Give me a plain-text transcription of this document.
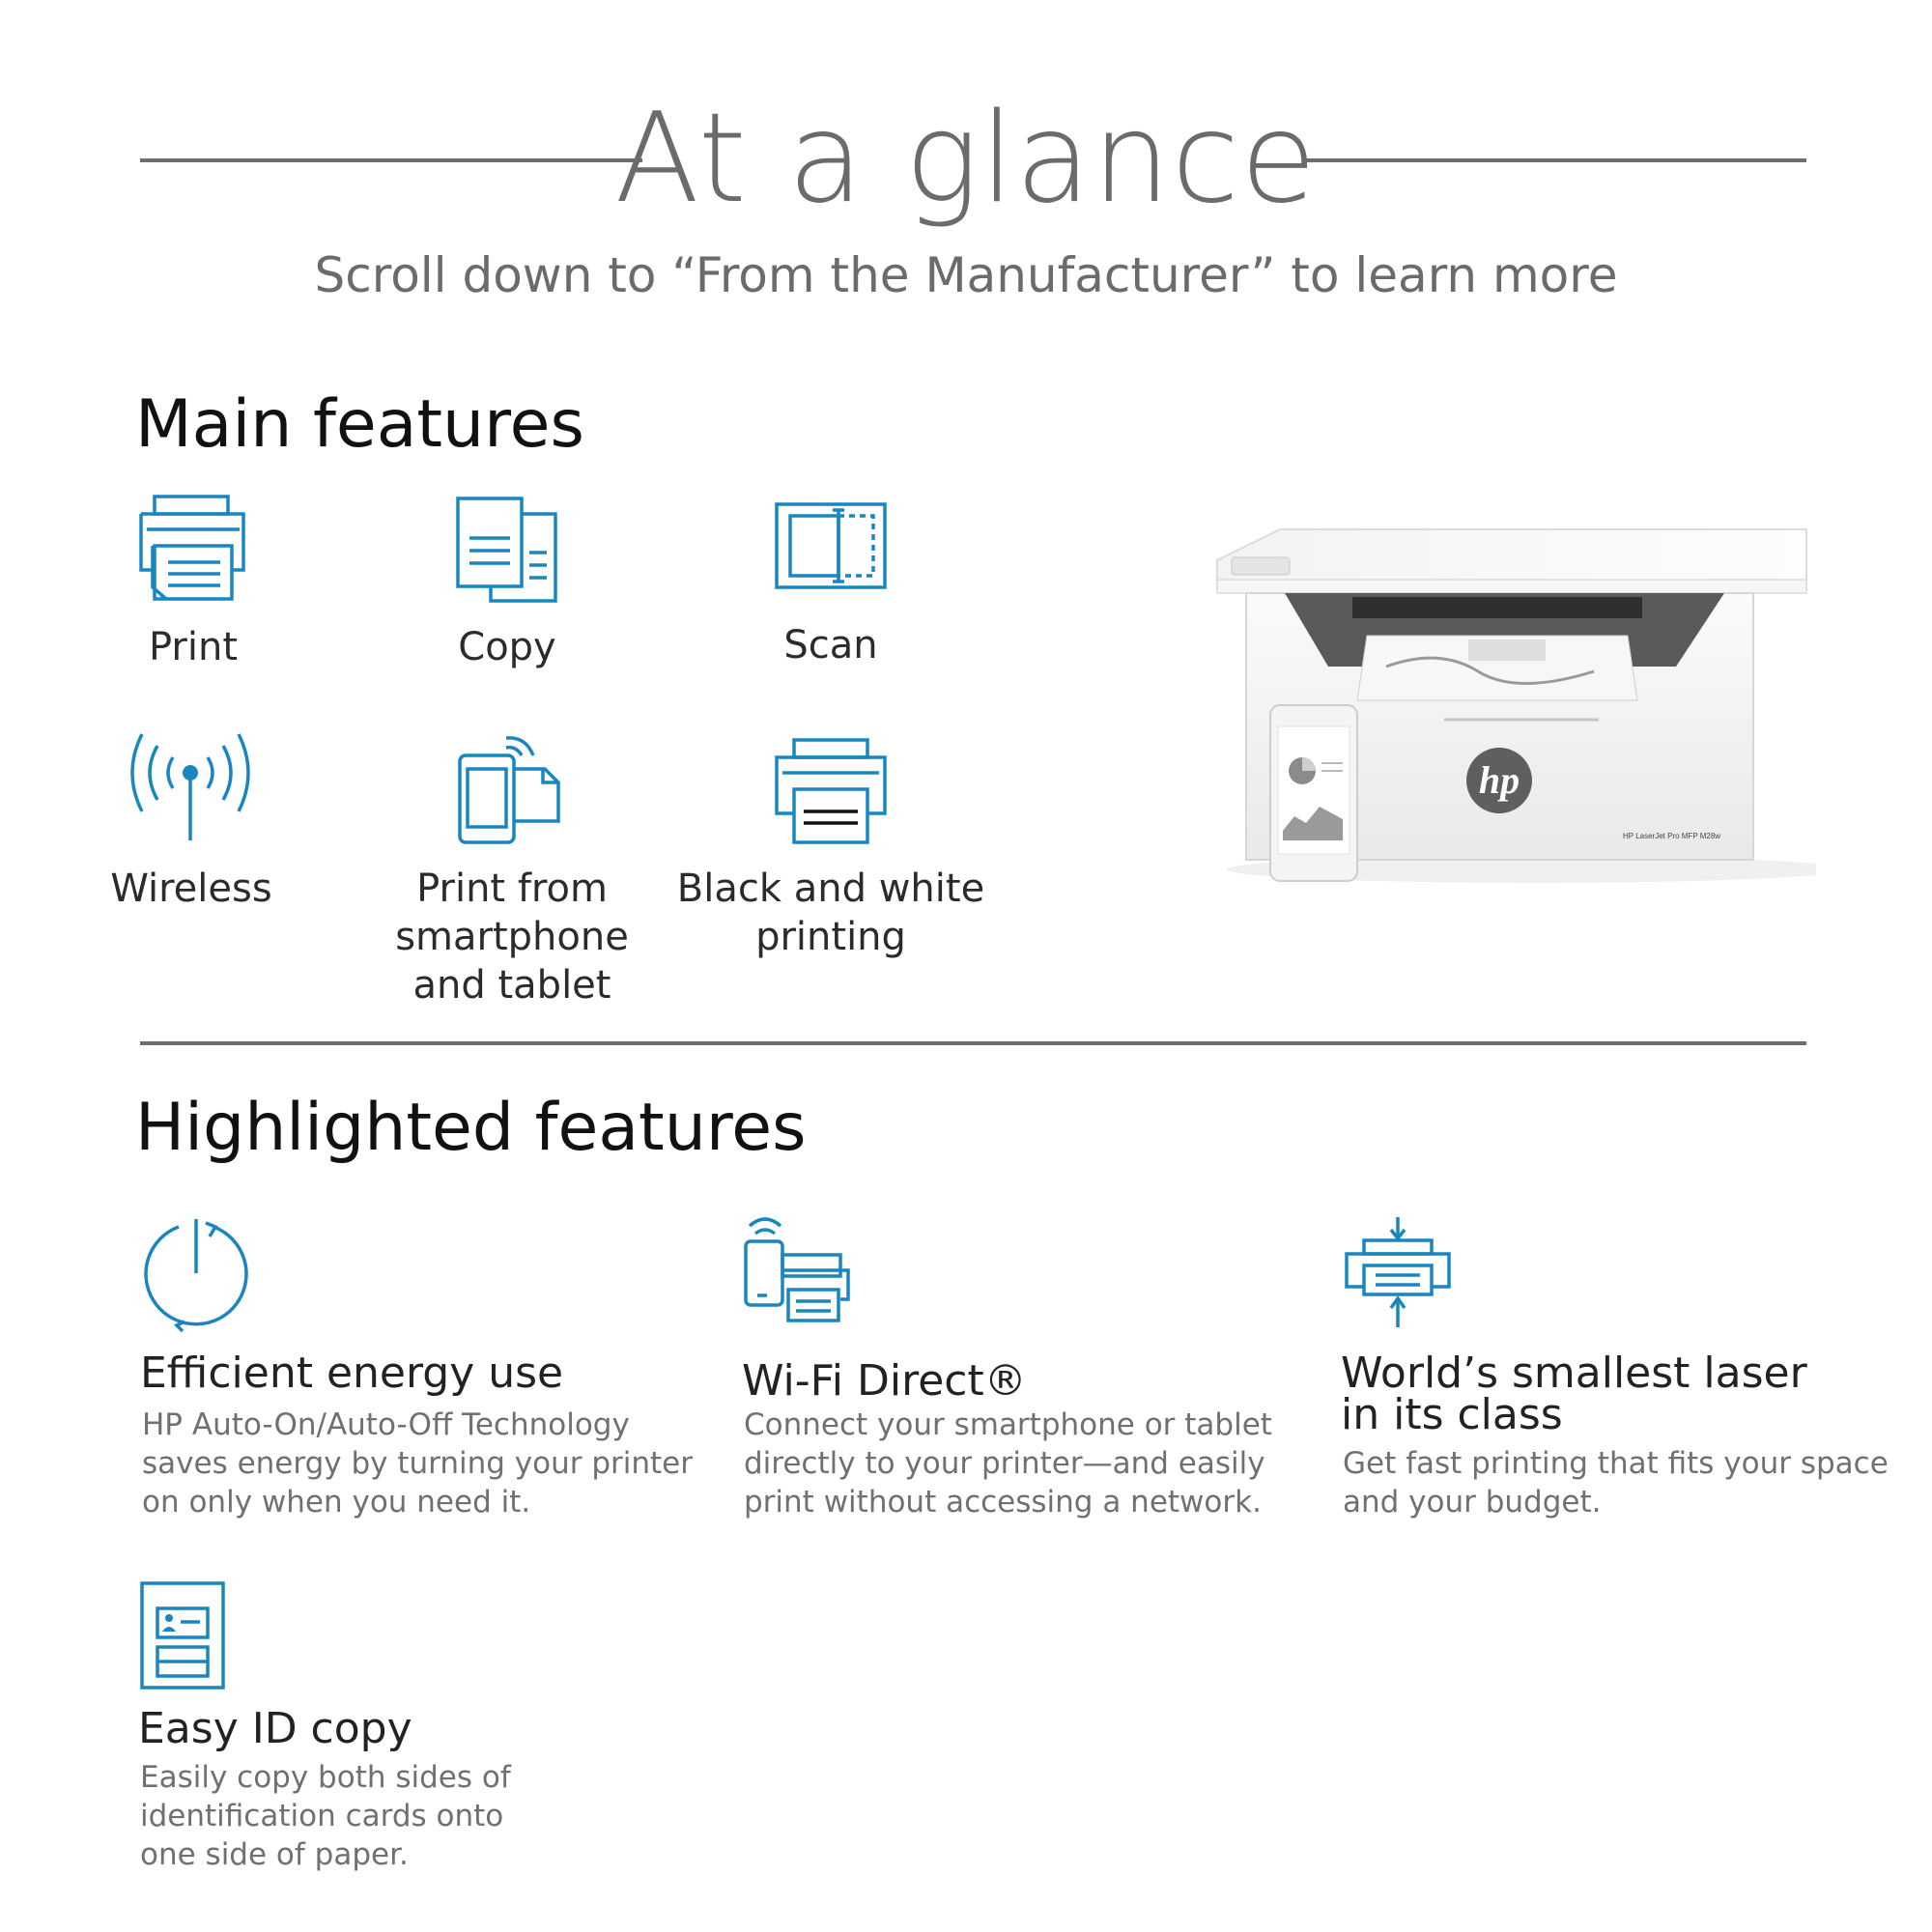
At a glance
Scroll down to “From the Manufacturer” to learn more
Main features
Print	Copy	Scan
Wireless	Print from
smartphone
and tablet
Black and white
printing
hp
HP LaserJet Pro MFP M28w
Highlighted features
Efficient energy use
HP Auto-On/Auto-Off Technology
saves energy by turning your printer
on only when you need it.
Wi-Fi Direct®
Connect your smartphone or tablet
directly to your printer—and easily
print without accessing a network.
World’s smallest laser
in its class
Get fast printing that fits your space
and your budget.
Easy ID copy
Easily copy both sides of
identification cards onto
one side of paper.
